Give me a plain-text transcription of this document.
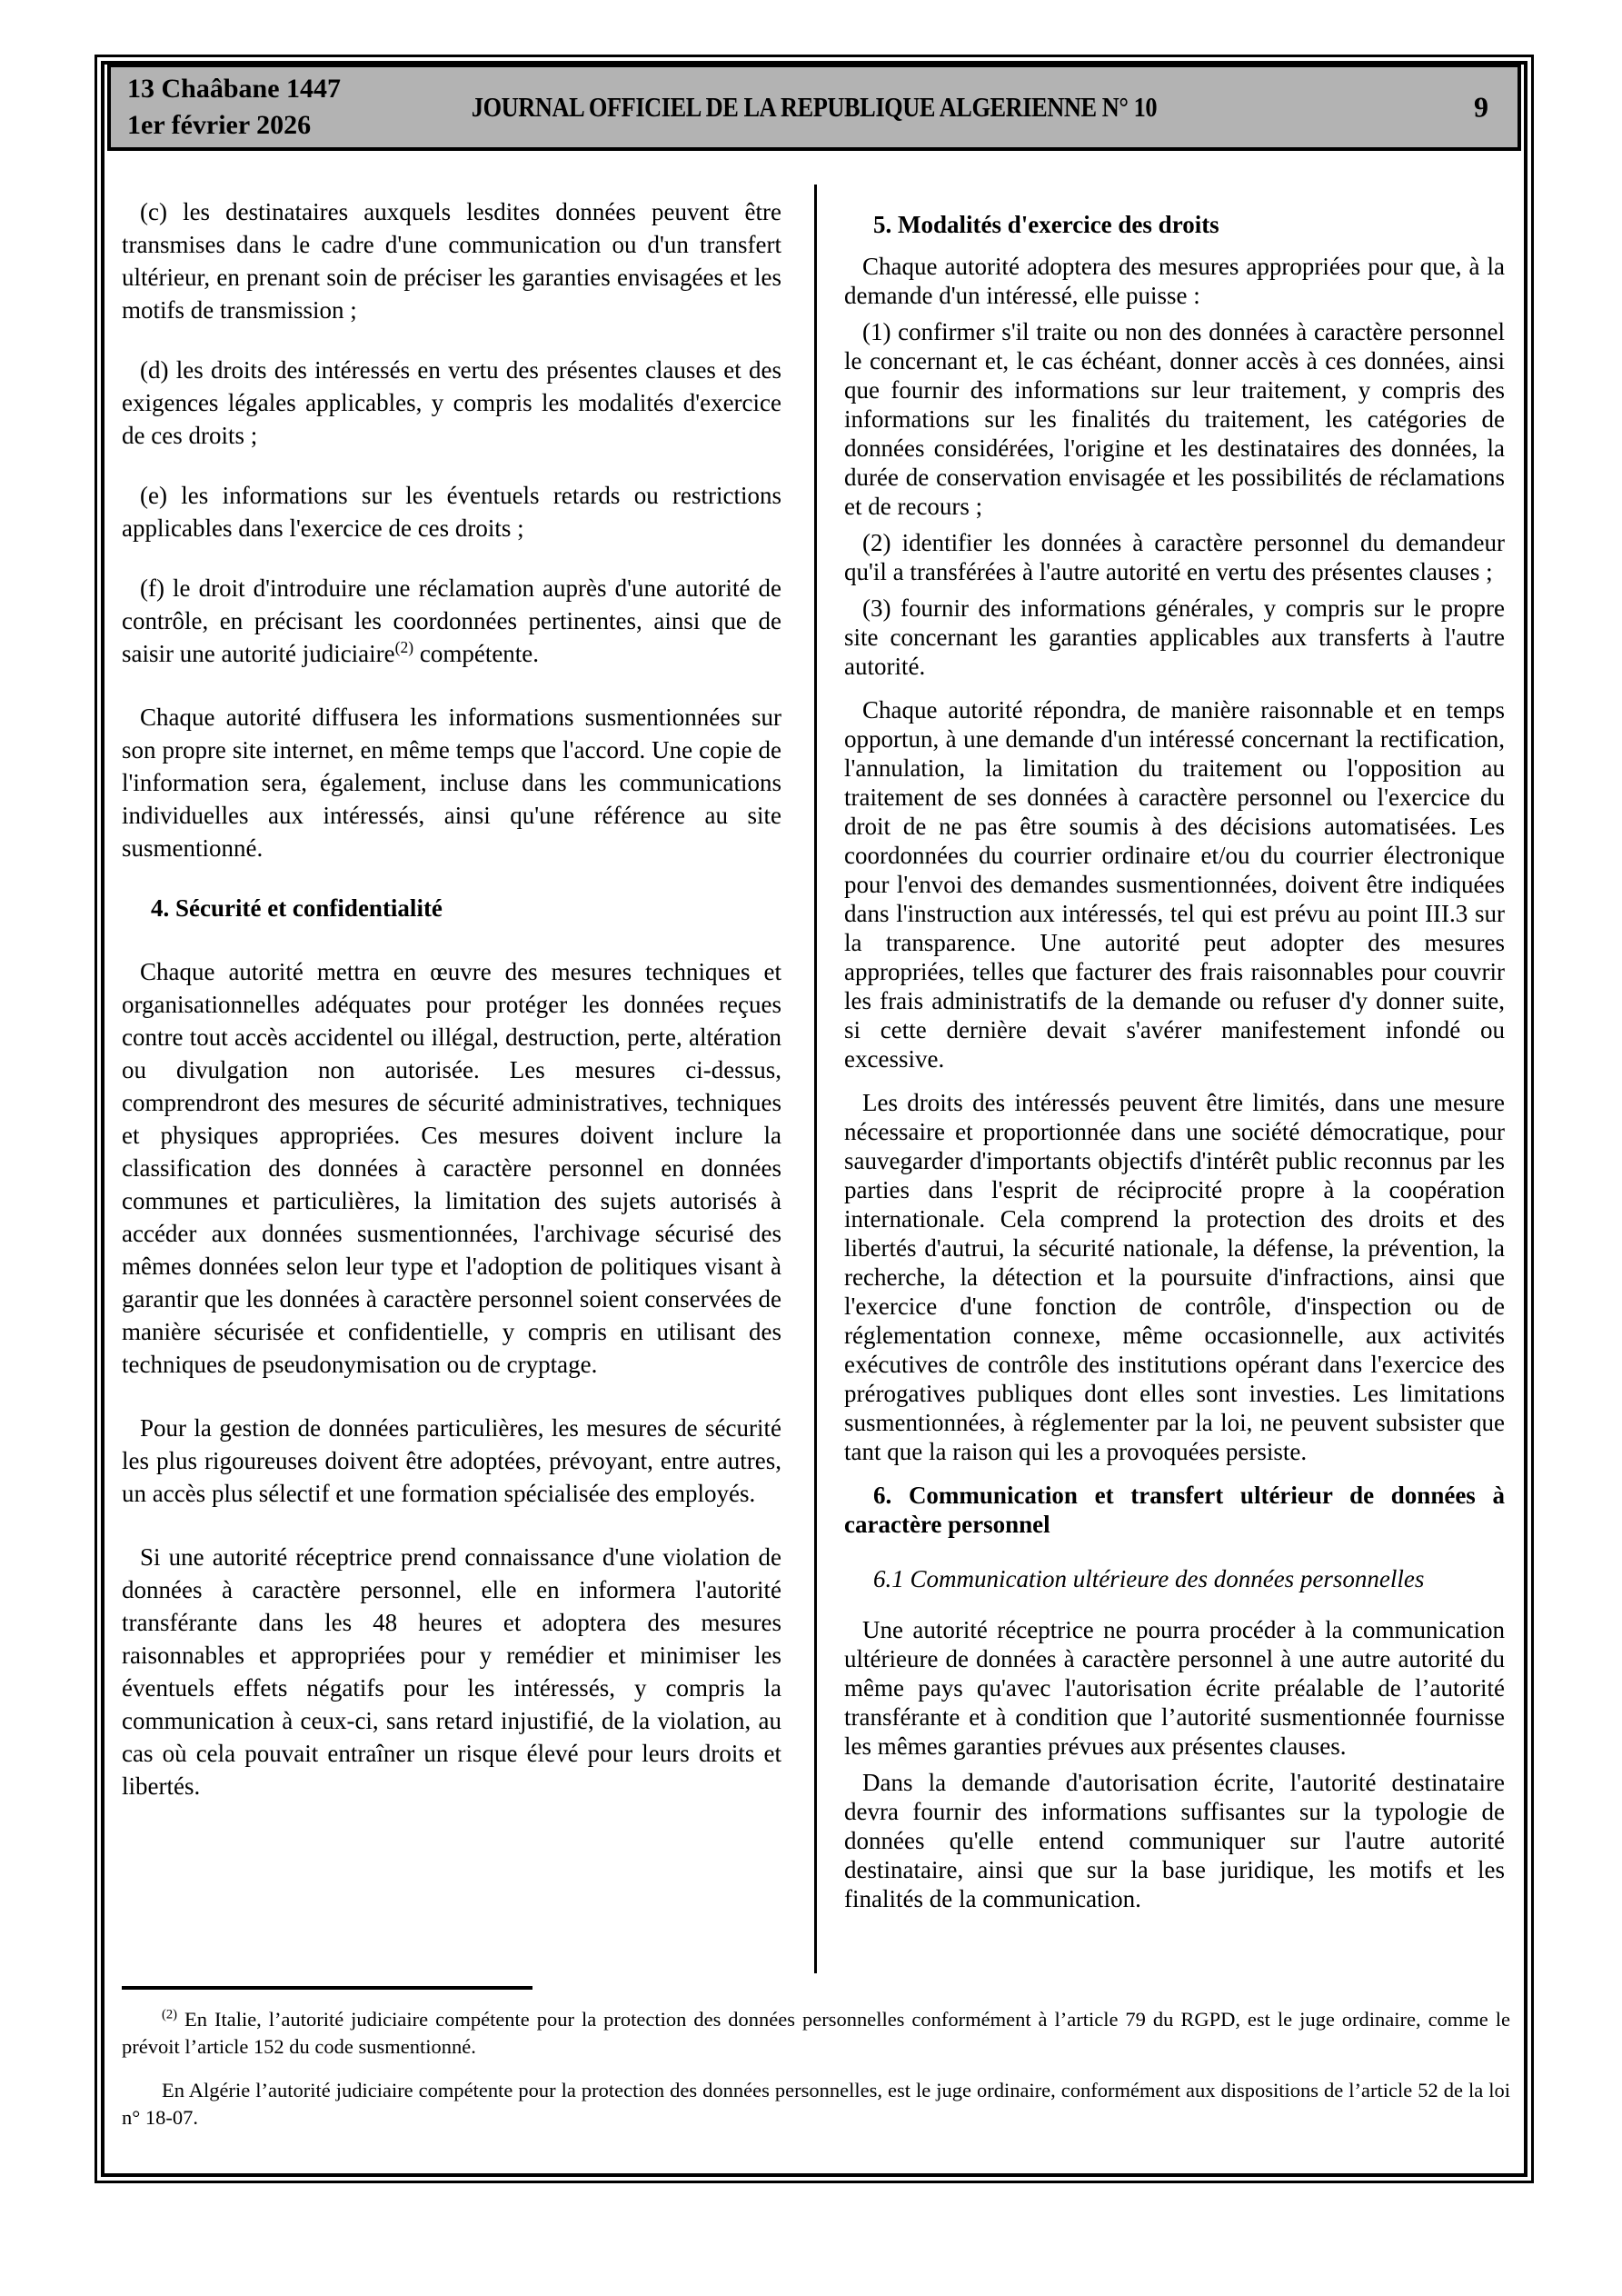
13 Chaâbane 1447
1er février 2026
JOURNAL OFFICIEL DE LA REPUBLIQUE ALGERIENNE N° 10	9

(c) les destinataires auxquels lesdites données peuvent être transmises dans le cadre d'une communication ou d'un transfert ultérieur, en prenant soin de préciser les garanties envisagées et les motifs de transmission ;

(d) les droits des intéressés en vertu des présentes clauses et des exigences légales applicables, y compris les modalités d'exercice de ces droits ;

(e) les informations sur les éventuels retards ou restrictions applicables dans l'exercice de ces droits ;

(f) le droit d'introduire une réclamation auprès d'une autorité de contrôle, en précisant les coordonnées pertinentes, ainsi que de saisir une autorité judiciaire$^{(2)}$ compétente.

Chaque autorité diffusera les informations susmentionnées sur son propre site internet, en même temps que l'accord. Une copie de l'information sera, également, incluse dans les communications individuelles aux intéressés, ainsi qu'une référence au site susmentionné.

4. Sécurité et confidentialité

Chaque autorité mettra en œuvre des mesures techniques et organisationnelles adéquates pour protéger les données reçues contre tout accès accidentel ou illégal, destruction, perte, altération ou divulgation non autorisée. Les mesures ci-dessus, comprendront des mesures de sécurité administratives, techniques et physiques appropriées. Ces mesures doivent inclure la classification des données à caractère personnel en données communes et particulières, la limitation des sujets autorisés à accéder aux données susmentionnées, l'archivage sécurisé des mêmes données selon leur type et l'adoption de politiques visant à garantir que les données à caractère personnel soient conservées de manière sécurisée et confidentielle, y compris en utilisant des techniques de pseudonymisation ou de cryptage.

Pour la gestion de données particulières, les mesures de sécurité les plus rigoureuses doivent être adoptées, prévoyant, entre autres, un accès plus sélectif et une formation spécialisée des employés.

Si une autorité réceptrice prend connaissance d'une violation de données à caractère personnel, elle en informera l'autorité transférante dans les 48 heures et adoptera des mesures raisonnables et appropriées pour y remédier et minimiser les éventuels effets négatifs pour les intéressés, y compris la communication à ceux-ci, sans retard injustifié, de la violation, au cas où cela pouvait entraîner un risque élevé pour leurs droits et libertés.

5. Modalités d'exercice des droits

Chaque autorité adoptera des mesures appropriées pour que, à la demande d'un intéressé, elle puisse :

(1) confirmer s'il traite ou non des données à caractère personnel le concernant et, le cas échéant, donner accès à ces données, ainsi que fournir des informations sur leur traitement, y compris des informations sur les finalités du traitement, les catégories de données considérées, l'origine et les destinataires des données, la durée de conservation envisagée et les possibilités de réclamations et de recours ;

(2) identifier les données à caractère personnel du demandeur qu'il a transférées à l'autre autorité en vertu des présentes clauses ;

(3) fournir des informations générales, y compris sur le propre site concernant les garanties applicables aux transferts à l'autre autorité.

Chaque autorité répondra, de manière raisonnable et en temps opportun, à une demande d'un intéressé concernant la rectification, l'annulation, la limitation du traitement ou l'opposition au traitement de ses données à caractère personnel ou l'exercice du droit de ne pas être soumis à des décisions automatisées. Les coordonnées du courrier ordinaire et/ou du courrier électronique pour l'envoi des demandes susmentionnées, doivent être indiquées dans l'instruction aux intéressés, tel qui est prévu au point III.3 sur la transparence. Une autorité peut adopter des mesures appropriées, telles que facturer des frais raisonnables pour couvrir les frais administratifs de la demande ou refuser d'y donner suite, si cette dernière devait s'avérer manifestement infondé ou excessive.

Les droits des intéressés peuvent être limités, dans une mesure nécessaire et proportionnée dans une société démocratique, pour sauvegarder d'importants objectifs d'intérêt public reconnus par les parties dans l'esprit de réciprocité propre à la coopération internationale. Cela comprend la protection des droits et des libertés d'autrui, la sécurité nationale, la défense, la prévention, la recherche, la détection et la poursuite d'infractions, ainsi que l'exercice d'une fonction de contrôle, d'inspection ou de réglementation connexe, même occasionnelle, aux activités exécutives de contrôle des institutions opérant dans l'exercice des prérogatives publiques dont elles sont investies. Les limitations susmentionnées, à réglementer par la loi, ne peuvent subsister que tant que la raison qui les a provoquées persiste.

6. Communication et transfert ultérieur de données à caractère personnel

6.1 Communication ultérieure des données personnelles

Une autorité réceptrice ne pourra procéder à la communication ultérieure de données à caractère personnel à une autre autorité du même pays qu'avec l'autorisation écrite préalable de l’autorité transférante et à condition que l’autorité susmentionnée fournisse les mêmes garanties prévues aux présentes clauses.

Dans la demande d'autorisation écrite, l'autorité destinataire devra fournir des informations suffisantes sur la typologie de données qu'elle entend communiquer sur l'autre autorité destinataire, ainsi que sur la base juridique, les motifs et les finalités de la communication.

$^{(2)}$ En Italie, l’autorité judiciaire compétente pour la protection des données personnelles conformément à l’article 79 du RGPD, est le juge ordinaire, comme le prévoit l’article 152 du code susmentionné.

En Algérie l’autorité judiciaire compétente pour la protection des données personnelles, est le juge ordinaire, conformément aux dispositions de l’article 52 de la loi n° 18-07.
